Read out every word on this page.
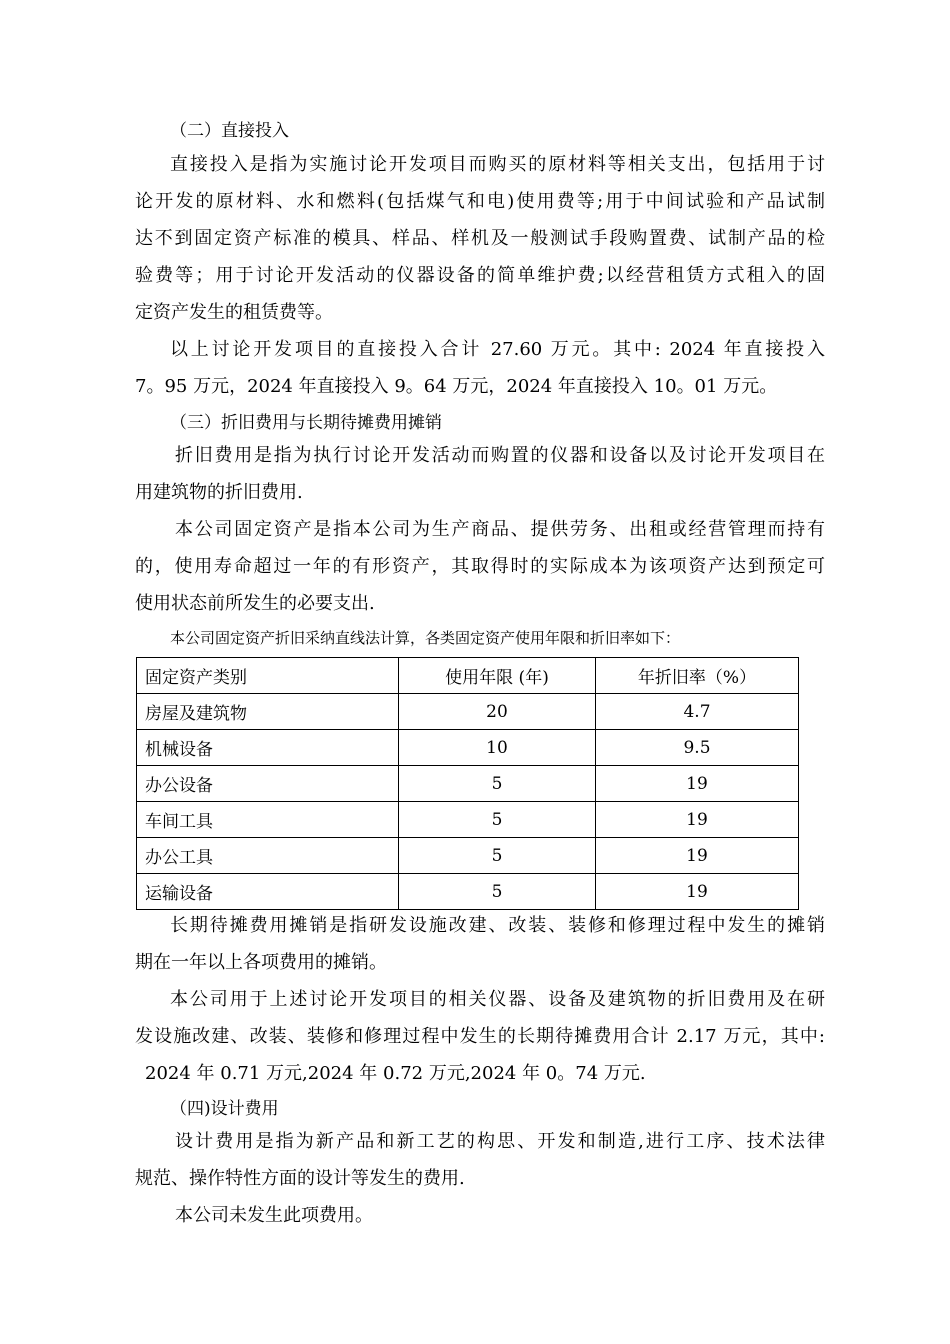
（二）直接投入
直接投入是指为实施讨论开发项目而购买的原材料等相关支出，包括用于讨
论开发的原材料、水和燃料(包括煤气和电)使用费等;用于中间试验和产品试制
达不到固定资产标准的模具、样品、样机及一般测试手段购置费、试制产品的检
验费等；用于讨论开发活动的仪器设备的简单维护费;以经营租赁方式租入的固
定资产发生的租赁费等。
以上讨论开发项目的直接投入合计 27.60 万元。其中: 2024 年直接投入
7。95 万元，2024 年直接投入 9。64 万元，2024 年直接投入 10。01 万元。
（三）折旧费用与长期待摊费用摊销
折旧费用是指为执行讨论开发活动而购置的仪器和设备以及讨论开发项目在
用建筑物的折旧费用.
本公司固定资产是指本公司为生产商品、提供劳务、出租或经营管理而持有
的，使用寿命超过一年的有形资产，其取得时的实际成本为该项资产达到预定可
使用状态前所发生的必要支出.
本公司固定资产折旧采纳直线法计算，各类固定资产使用年限和折旧率如下：
固定资产类别	使用年限 (年)	年折旧率（%）
房屋及建筑物	20	4.7
机械设备	10	9.5
办公设备	5	19
车间工具	5	19
办公工具	5	19
运输设备	5	19
长期待摊费用摊销是指研发设施改建、改装、装修和修理过程中发生的摊销
期在一年以上各项费用的摊销。
本公司用于上述讨论开发项目的相关仪器、设备及建筑物的折旧费用及在研
发设施改建、改装、装修和修理过程中发生的长期待摊费用合计 2.17 万元，其中:
2024 年 0.71 万元,2024 年 0.72 万元,2024 年 0。74 万元.
（四)设计费用
设计费用是指为新产品和新工艺的构思、开发和制造,进行工序、技术法律
规范、操作特性方面的设计等发生的费用.
本公司未发生此项费用。
